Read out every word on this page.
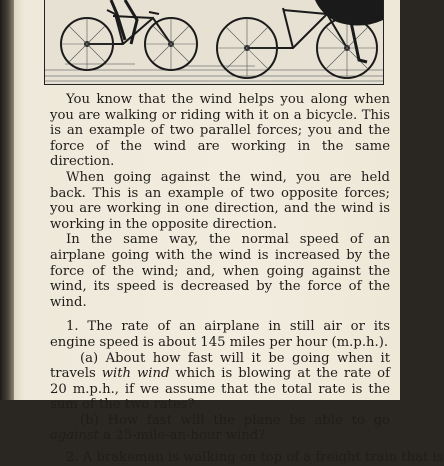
You know that the wind helps you along when you are walking or riding with it on a bicycle. This is an example of two parallel forces; you and the force of the wind are working in the same direction.

When going against the wind, you are held back. This is an example of two opposite forces; you are working in one direction, and the wind is working in the opposite direction.

In the same way, the normal speed of an airplane going with the wind is increased by the force of the wind; and, when going against the wind, its speed is decreased by the force of the wind.

1. The rate of an airplane in still air or its engine speed is about 145 miles per hour (m.p.h.).

(a) About how fast will it be going when it travels with wind which is blowing at the rate of 20 m.p.h., if we assume that the total rate is the sum of the two rates?

(b) How fast will the plane be able to go against a 25-mile-an-hour wind?

2. A brakeman is walking on top of a freight train that is
